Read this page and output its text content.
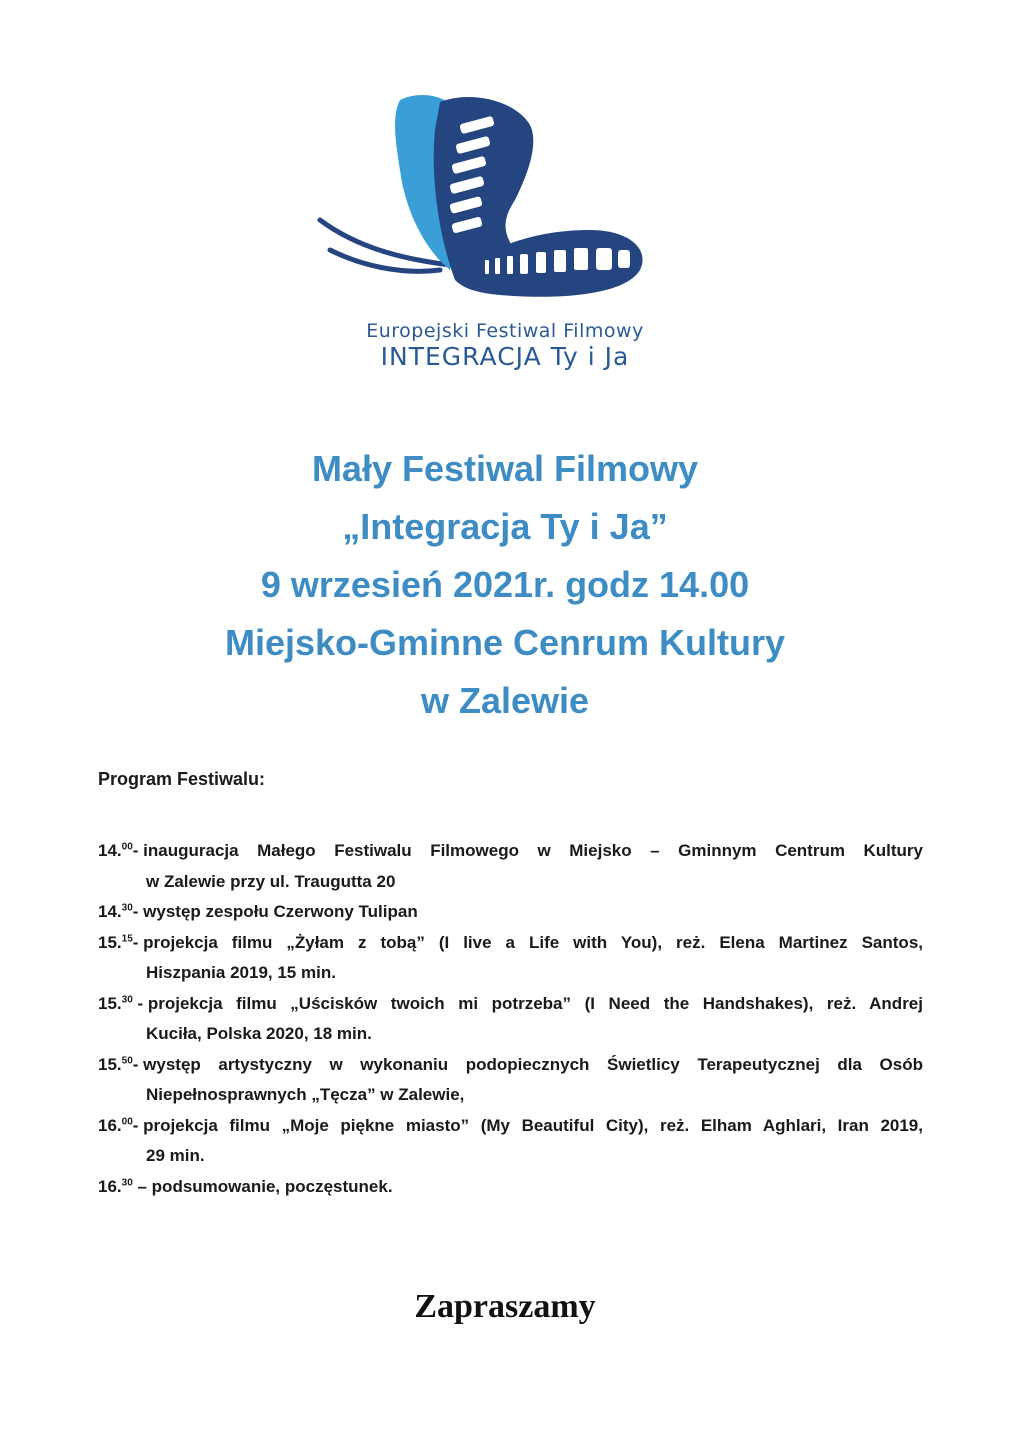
Europejski Festiwal Filmowy
INTEGRACJA Ty i Ja
Mały Festiwal Filmowy
„Integracja Ty i Ja”
9 wrzesień 2021r. godz 14.00
Miejsko-Gminne Cenrum Kultury
w Zalewie
Program Festiwalu:
14.00- inauguracja Małego Festiwalu Filmowego w Miejsko – Gminnym Centrum Kultury
w Zalewie przy ul. Traugutta 20
14.30- występ zespołu Czerwony Tulipan
15.15- projekcja filmu „Żyłam z tobą” (I live a Life with You), reż. Elena Martinez Santos,
Hiszpania 2019, 15 min.
15.30 - projekcja filmu „Uścisków twoich mi potrzeba” (I Need the Handshakes), reż. Andrej
Kuciła, Polska 2020, 18 min.
15.50- występ artystyczny w wykonaniu podopiecznych Świetlicy Terapeutycznej dla Osób
Niepełnosprawnych „Tęcza” w Zalewie,
16.00- projekcja filmu „Moje piękne miasto” (My Beautiful City), reż. Elham Aghlari, Iran 2019,
29 min.
16.30 – podsumowanie, poczęstunek.
Zapraszamy
